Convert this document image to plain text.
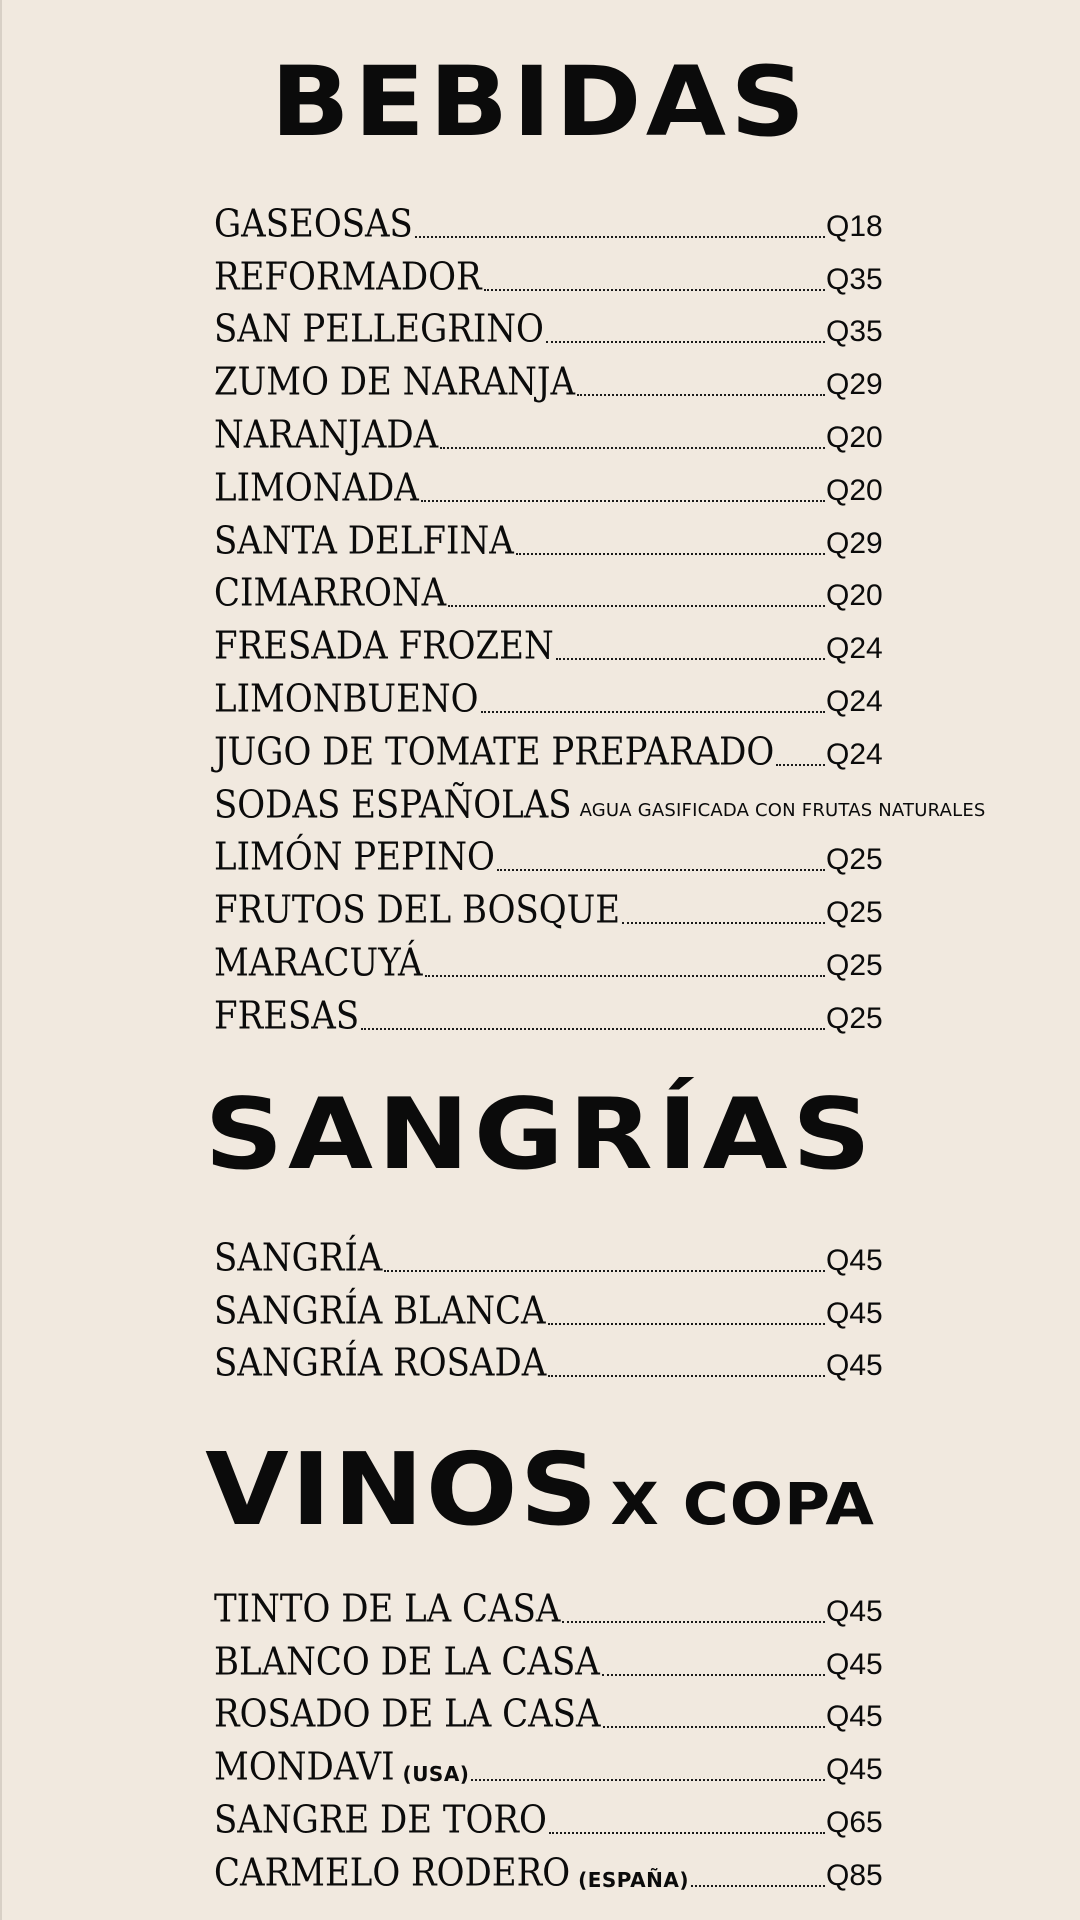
BEBIDAS
GASEOSAS	Q18
REFORMADOR	Q35
SAN PELLEGRINO	Q35
ZUMO DE NARANJA	Q29
NARANJADA	Q20
LIMONADA	Q20
SANTA DELFINA	Q29
CIMARRONA	Q20
FRESADA FROZEN	Q24
LIMONBUENO	Q24
JUGO DE TOMATE PREPARADO Q24
SODAS ESPAÑOLAS AGUA GASIFICADA CON FRUTAS NATURALES
LIMÓN PEPINO	Q25
FRUTOS DEL BOSQUE	Q25
MARACUYÁ	Q25
FRESAS	Q25
SANGRÍAS
SANGRÍA	Q45
SANGRÍA BLANCA	Q45
SANGRÍA ROSADA	Q45
VINOS X COPA
TINTO DE LA CASA	Q45
BLANCO DE LA CASA	Q45
ROSADO DE LA CASA	Q45
MONDAVI (USA)	Q45
SANGRE DE TORO	Q65
CARMELO RODERO (ESPAÑA)	Q85
